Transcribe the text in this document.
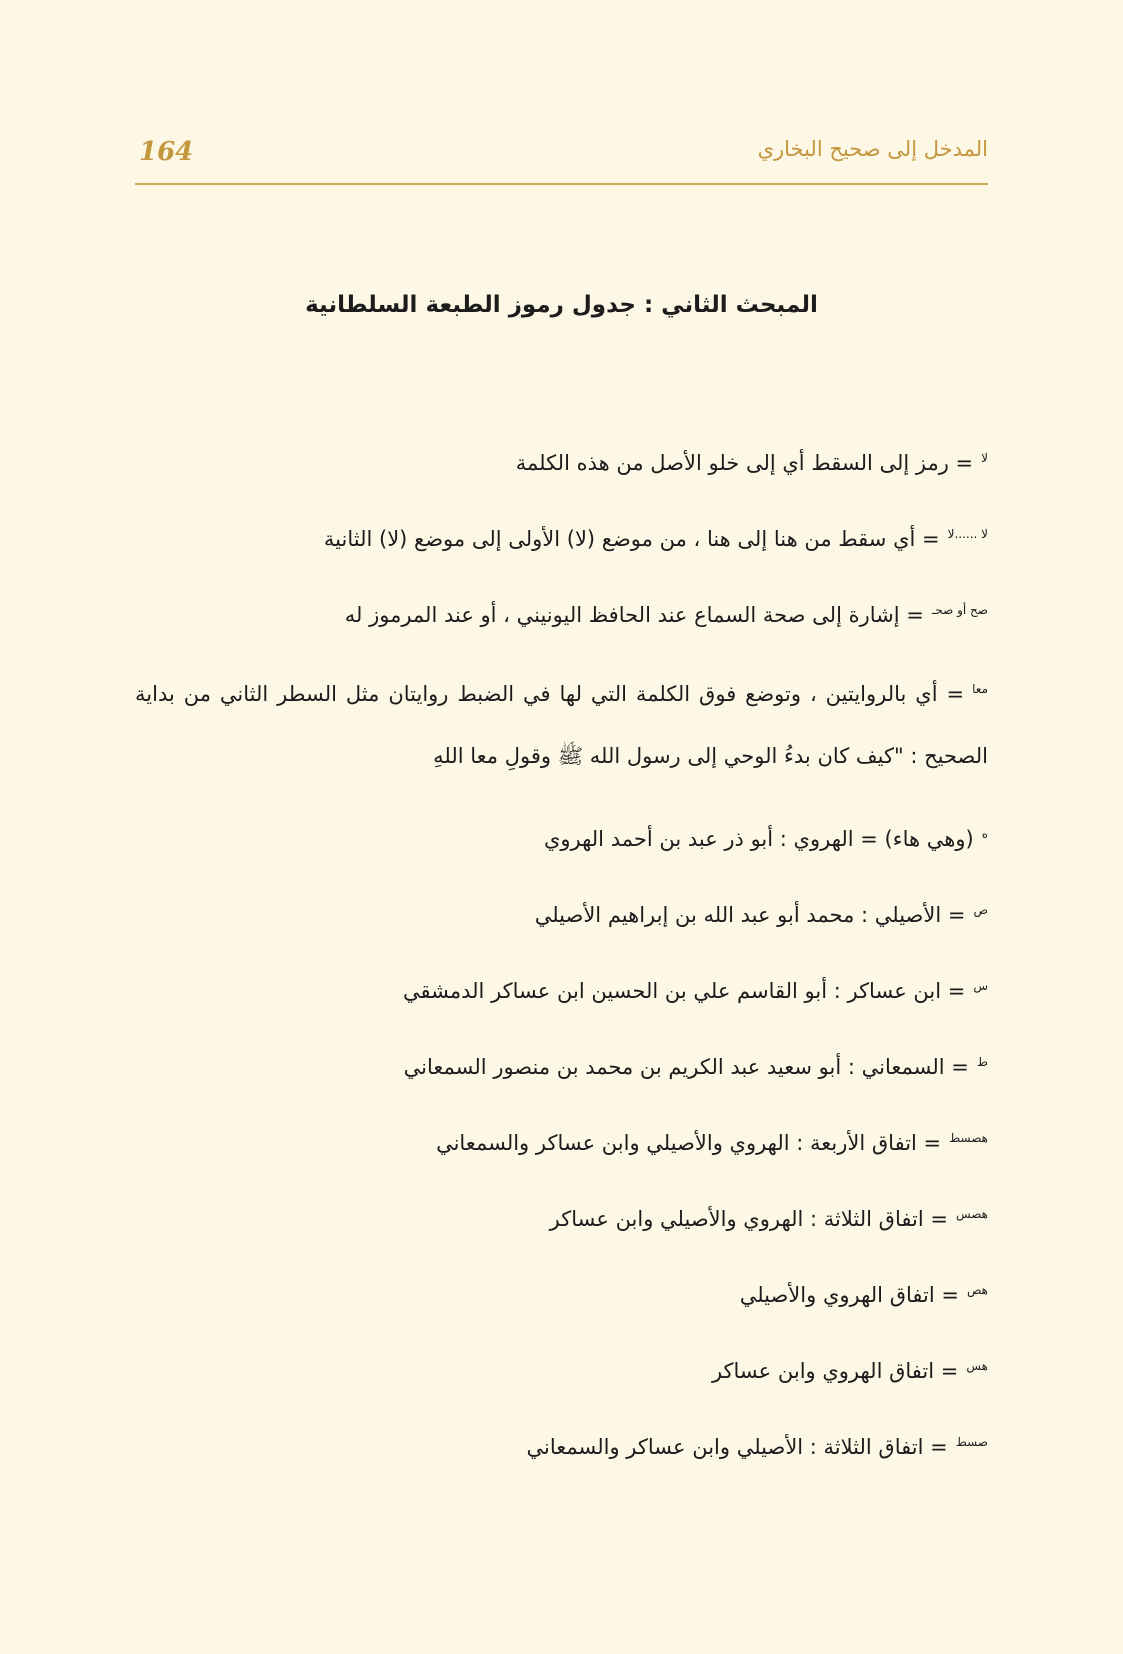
164	المدخل إلى صحيح البخاري
المبحث الثاني : جدول رموز الطبعة السلطانية
لا= رمز إلى السقط أي إلى خلو الأصل من هذه الكلمة
لا ......لا= أي سقط من هنا إلى هنا ، من موضع (لا) الأولى إلى موضع (لا) الثانية
صح أو صحـ= إشارة إلى صحة السماع عند الحافظ اليونيني ، أو عند المرموز له
معا= أي بالروايتين ، وتوضع فوق الكلمة التي لها في الضبط روايتان مثل السطر الثاني من بداية الصحيح : "كيف كان بدءُ الوحي إلى رسول الله ﷺ وقولِ معا اللهِ
ه(وهي هاء) = الهروي : أبو ذر عبد بن أحمد الهروي
ص= الأصيلي : محمد أبو عبد الله بن إبراهيم الأصيلي
س= ابن عساكر : أبو القاسم علي بن الحسين ابن عساكر الدمشقي
ط= السمعاني : أبو سعيد عبد الكريم بن محمد بن منصور السمعاني
هصسط= اتفاق الأربعة : الهروي والأصيلي وابن عساكر والسمعاني
هصس= اتفاق الثلاثة : الهروي والأصيلي وابن عساكر
هص= اتفاق الهروي والأصيلي
هس= اتفاق الهروي وابن عساكر
صسط= اتفاق الثلاثة : الأصيلي وابن عساكر والسمعاني
